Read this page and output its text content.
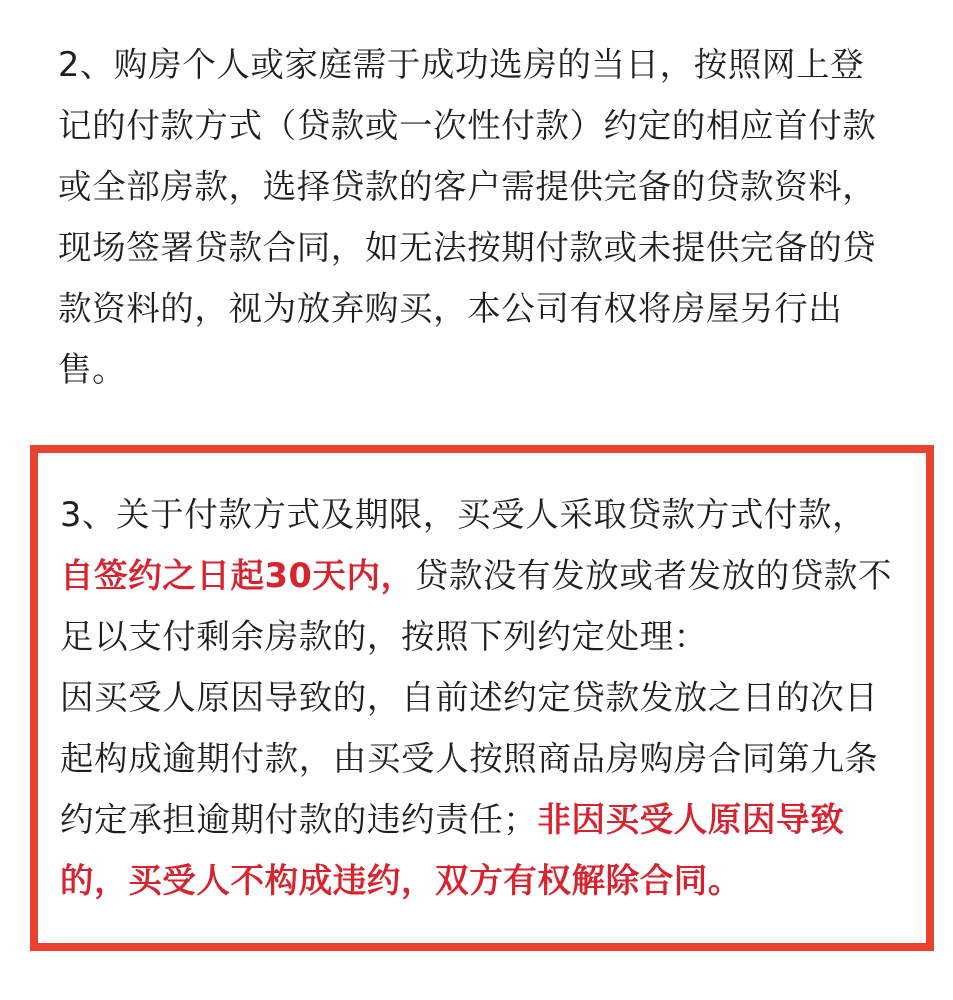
2、购房个人或家庭需于成功选房的当日，按照网上登
记的付款方式（贷款或一次性付款）约定的相应首付款
或全部房款，选择贷款的客户需提供完备的贷款资料，
现场签署贷款合同，如无法按期付款或未提供完备的贷
款资料的，视为放弃购买，本公司有权将房屋另行出
售。
3、关于付款方式及期限，买受人采取贷款方式付款，
自签约之日起30天内，贷款没有发放或者发放的贷款不
足以支付剩余房款的，按照下列约定处理：
因买受人原因导致的，自前述约定贷款发放之日的次日
起构成逾期付款，由买受人按照商品房购房合同第九条
约定承担逾期付款的违约责任；非因买受人原因导致
的，买受人不构成违约，双方有权解除合同。
